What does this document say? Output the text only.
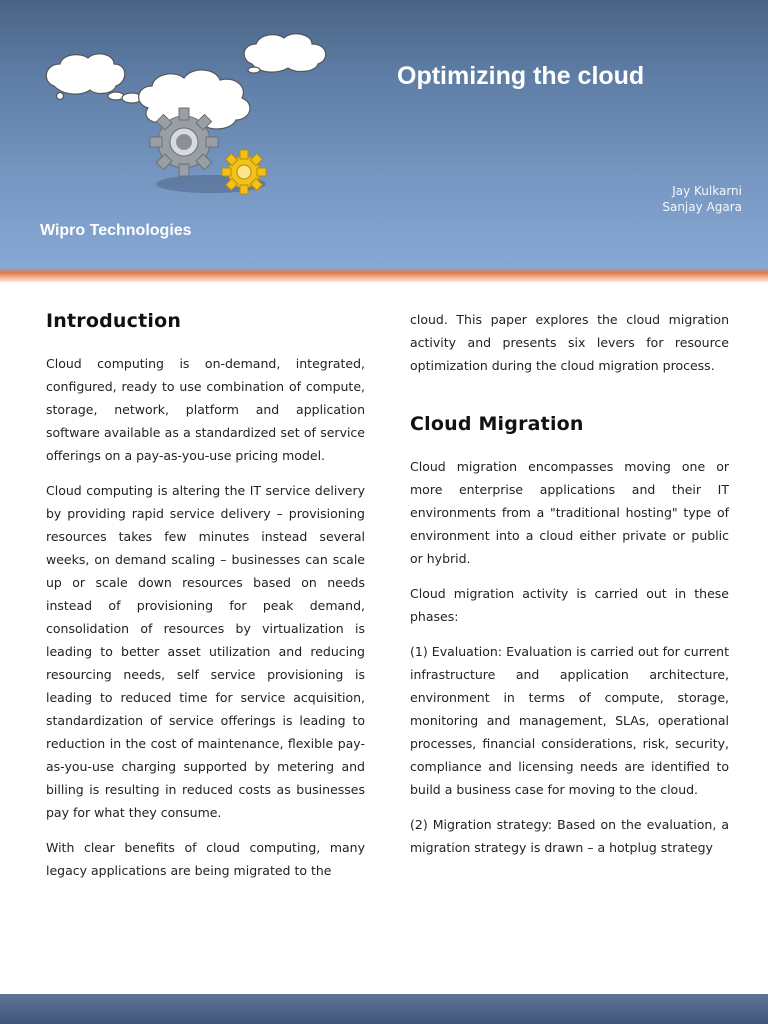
Optimizing the cloud
Jay Kulkarni
Sanjay Agara
Wipro Technologies
Introduction

Cloud computing is on-demand, integrated, configured, ready to use combination of compute, storage, network, platform and application software available as a standardized set of service offerings on a pay-as-you-use pricing model.

Cloud computing is altering the IT service delivery by providing rapid service delivery – provisioning resources takes few minutes instead several weeks, on demand scaling – businesses can scale up or scale down resources based on needs instead of provisioning for peak demand, consolidation of resources by virtualization is leading to better asset utilization and reducing resourcing needs, self service provisioning is leading to reduced time for service acquisition, standardization of service offerings is leading to reduction in the cost of maintenance, flexible pay-as-you-use charging supported by metering and billing is resulting in reduced costs as businesses pay for what they consume.

With clear benefits of cloud computing, many legacy applications are being migrated to the

cloud. This paper explores the cloud migration activity and presents six levers for resource optimization during the cloud migration process.

Cloud Migration

Cloud migration encompasses moving one or more enterprise applications and their IT environments from a "traditional hosting" type of environment into a cloud either private or public or hybrid.

Cloud migration activity is carried out in these phases:

(1) Evaluation: Evaluation is carried out for current infrastructure and application architecture, environment in terms of compute, storage, monitoring and management, SLAs, operational processes, financial considerations, risk, security, compliance and licensing needs are identified to build a business case for moving to the cloud.

(2) Migration strategy: Based on the evaluation, a migration strategy is drawn – a hotplug strategy
